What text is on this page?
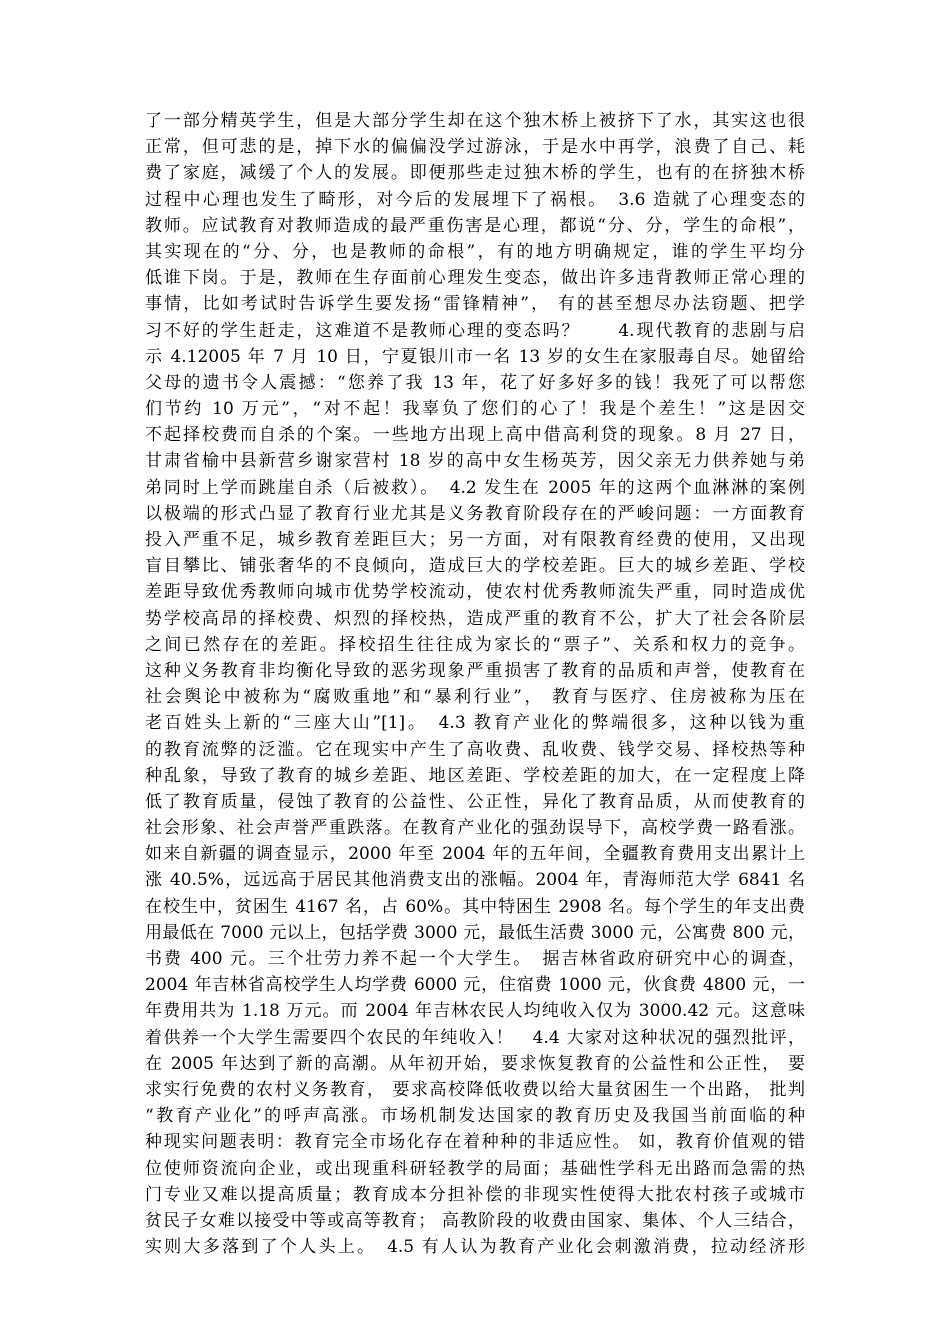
了一部分精英学生，但是大部分学生却在这个独木桥上被挤下了水，其实这也很
正常，但可悲的是，掉下水的偏偏没学过游泳，于是水中再学，浪费了自己、耗
费了家庭，减缓了个人的发展。即便那些走过独木桥的学生，也有的在挤独木桥
过程中心理也发生了畸形，对今后的发展埋下了祸根。　3.6 造就了心理变态的
教师。应试教育对教师造成的最严重伤害是心理，都说“分、分，学生的命根”，
其实现在的“分、分，也是教师的命根”，有的地方明确规定，谁的学生平均分
低谁下岗。于是，教师在生存面前心理发生变态，做出许多违背教师正常心理的
事情，比如考试时告诉学生要发扬“雷锋精神”， 有的甚至想尽办法窃题、把学
习不好的学生赶走，这难道不是教师心理的变态吗？　　4.现代教育的悲剧与启
示 4.12005 年 7 月 10 日，宁夏银川市一名 13 岁的女生在家服毒自尽。她留给
父母的遗书令人震撼：“您养了我 13 年，花了好多好多的钱！我死了可以帮您
们节约 10 万元”，“对不起！我辜负了您们的心了！我是个差生！”这是因交
不起择校费而自杀的个案。一些地方出现上高中借高利贷的现象。8 月 27 日，
甘肃省榆中县新营乡谢家营村 18 岁的高中女生杨英芳，因父亲无力供养她与弟
弟同时上学而跳崖自杀（后被救）。　4.2 发生在 2005 年的这两个血淋淋的案例
以极端的形式凸显了教育行业尤其是义务教育阶段存在的严峻问题：一方面教育
投入严重不足，城乡教育差距巨大；另一方面，对有限教育经费的使用，又出现
盲目攀比、铺张奢华的不良倾向，造成巨大的学校差距。巨大的城乡差距、学校
差距导致优秀教师向城市优势学校流动，使农村优秀教师流失严重，同时造成优
势学校高昂的择校费、炽烈的择校热，造成严重的教育不公，扩大了社会各阶层
之间已然存在的差距。择校招生往往成为家长的“票子”、关系和权力的竞争。
这种义务教育非均衡化导致的恶劣现象严重损害了教育的品质和声誉，使教育在
社会舆论中被称为“腐败重地”和“暴利行业”， 教育与医疗、住房被称为压在
老百姓头上新的“三座大山”[1]。　4.3 教育产业化的弊端很多，这种以钱为重
的教育流弊的泛滥。它在现实中产生了高收费、乱收费、钱学交易、择校热等种
种乱象，导致了教育的城乡差距、地区差距、学校差距的加大，在一定程度上降
低了教育质量，侵蚀了教育的公益性、公正性，异化了教育品质，从而使教育的
社会形象、社会声誉严重跌落。在教育产业化的强劲误导下，高校学费一路看涨。
如来自新疆的调查显示，2000 年至 2004 年的五年间，全疆教育费用支出累计上
涨 40.5%，远远高于居民其他消费支出的涨幅。2004 年，青海师范大学 6841 名
在校生中，贫困生 4167 名，占 60%。其中特困生 2908 名。每个学生的年支出费
用最低在 7000 元以上，包括学费 3000 元，最低生活费 3000 元，公寓费 800 元，
书费 400 元。三个壮劳力养不起一个大学生。　据吉林省政府研究中心的调查，
2004 年吉林省高校学生人均学费 6000 元，住宿费 1000 元，伙食费 4800 元，一
年费用共为 1.18 万元。而 2004 年吉林农民人均纯收入仅为 3000.42 元。这意味
着供养一个大学生需要四个农民的年纯收入！　4.4 大家对这种状况的强烈批评，
在 2005 年达到了新的高潮。从年初开始，要求恢复教育的公益性和公正性， 要
求实行免费的农村义务教育， 要求高校降低收费以给大量贫困生一个出路， 批判
“教育产业化”的呼声高涨。市场机制发达国家的教育历史及我国当前面临的种
种现实问题表明：教育完全市场化存在着种种的非适应性。 如，教育价值观的错
位使师资流向企业，或出现重科研轻教学的局面；基础性学科无出路而急需的热
门专业又难以提高质量；教育成本分担补偿的非现实性使得大批农村孩子或城市
贫民子女难以接受中等或高等教育； 高教阶段的收费由国家、集体、个人三结合，
实则大多落到了个人头上。　4.5 有人认为教育产业化会刺激消费，拉动经济形
